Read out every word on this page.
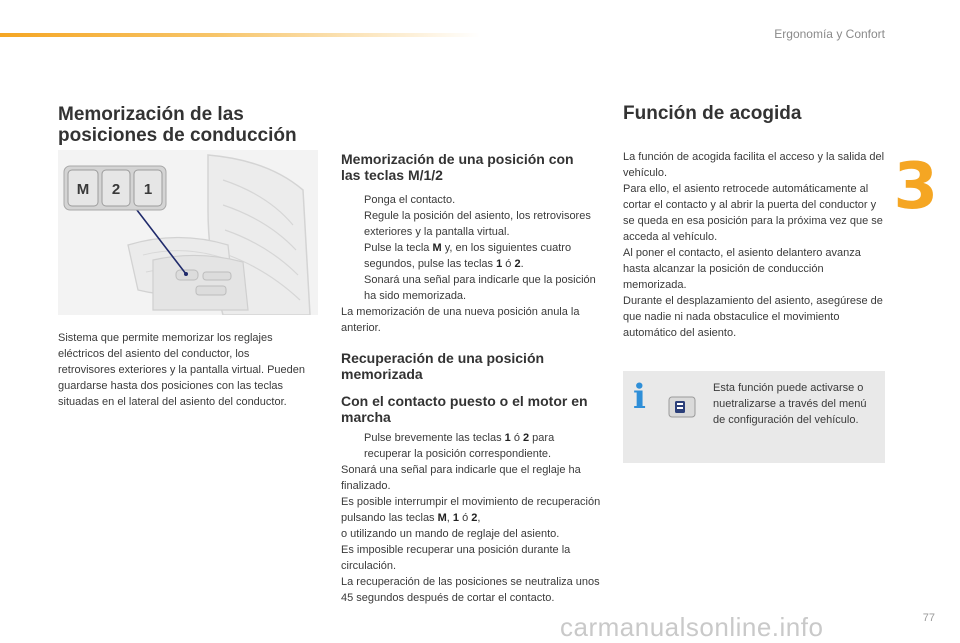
Ergonomía y Confort
3
Memorización de las posiciones de conducción
M 2 1
Sistema que permite memorizar los reglajes eléctricos del asiento del conductor, los retrovisores exteriores y la pantalla virtual. Pueden guardarse hasta dos posiciones con las teclas situadas en el lateral del asiento del conductor.
Memorización de una posición con las teclas M/1/2
Ponga el contacto.
Regule la posición del asiento, los retrovisores exteriores y la pantalla virtual.
Pulse la tecla M y, en los siguientes cuatro segundos, pulse las teclas 1 ó 2.
Sonará una señal para indicarle que la posición ha sido memorizada.
La memorización de una nueva posición anula la anterior.
Recuperación de una posición memorizada
Con el contacto puesto o el motor en marcha
Pulse brevemente las teclas 1 ó 2 para recuperar la posición correspondiente.
Sonará una señal para indicarle que el reglaje ha finalizado.
Es posible interrumpir el movimiento de recuperación pulsando las teclas M, 1 ó 2,
o utilizando un mando de reglaje del asiento.
Es imposible recuperar una posición durante la circulación.
La recuperación de las posiciones se neutraliza unos 45 segundos después de cortar el contacto.
Función de acogida
La función de acogida facilita el acceso y la salida del vehículo.
Para ello, el asiento retrocede automáticamente al cortar el contacto y al abrir la puerta del conductor y se queda en esa posición para la próxima vez que se acceda al vehículo.
Al poner el contacto, el asiento delantero avanza hasta alcanzar la posición de conducción memorizada.
Durante el desplazamiento del asiento, asegúrese de que nadie ni nada obstaculice el movimiento automático del asiento.
i	Esta función puede activarse o nuetralizarse a través del menú de configuración del vehículo.
carmanualsonline.info	77
